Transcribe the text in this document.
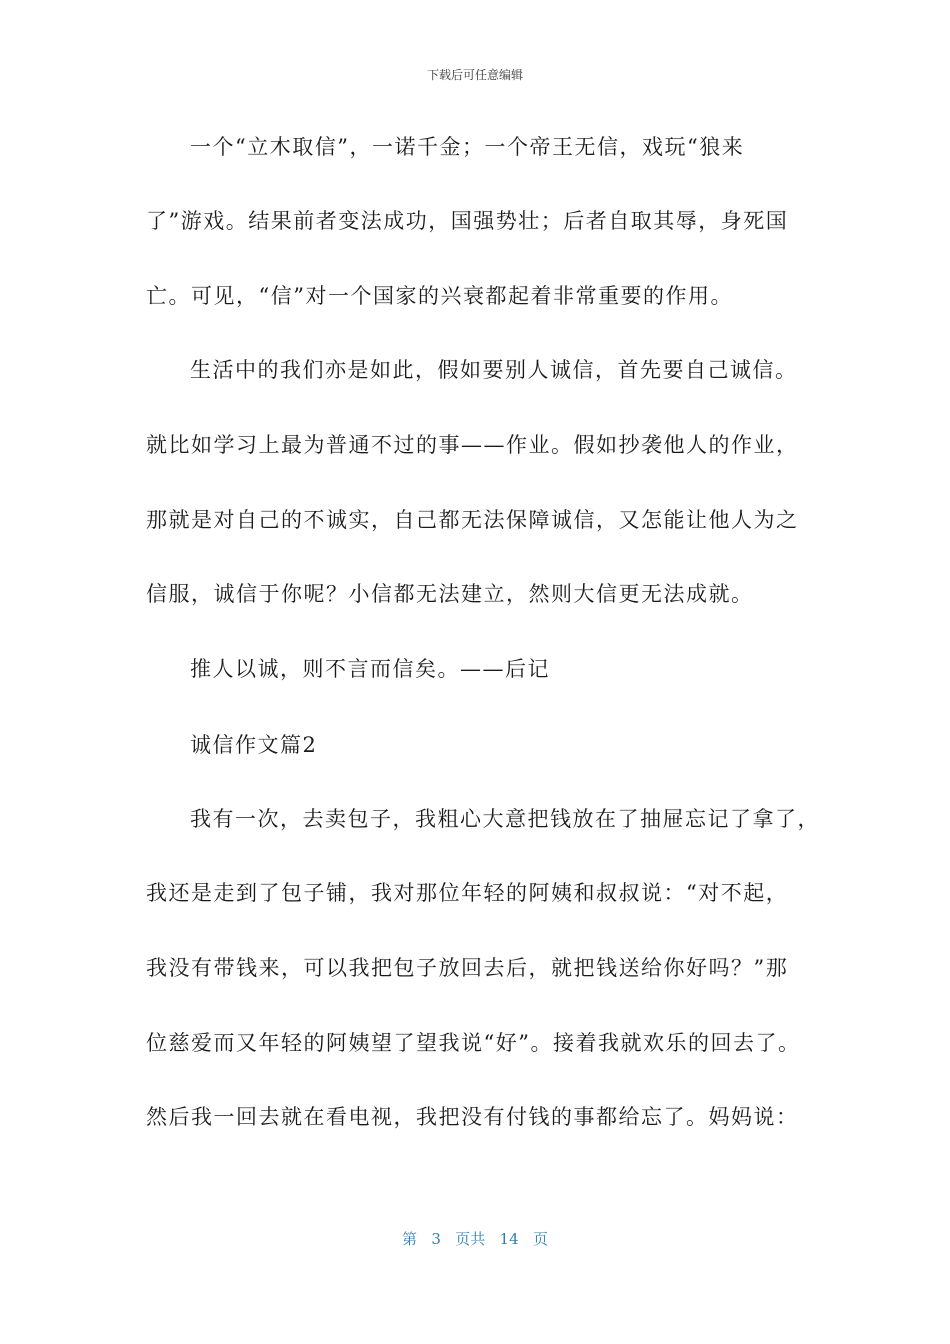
下载后可任意编辑
一个“立木取信”，一诺千金；一个帝王无信，戏玩“狼来
了”游戏。结果前者变法成功，国强势壮；后者自取其辱，身死国
亡。可见，“信”对一个国家的兴衰都起着非常重要的作用。
生活中的我们亦是如此，假如要别人诚信，首先要自己诚信。
就比如学习上最为普通不过的事——作业。假如抄袭他人的作业，
那就是对自己的不诚实，自己都无法保障诚信，又怎能让他人为之
信服，诚信于你呢？小信都无法建立，然则大信更无法成就。
推人以诚，则不言而信矣。——后记
诚信作文篇2
我有一次，去卖包子，我粗心大意把钱放在了抽屉忘记了拿了，
我还是走到了包子铺，我对那位年轻的阿姨和叔叔说：“对不起，
我没有带钱来，可以我把包子放回去后，就把钱送给你好吗？”那
位慈爱而又年轻的阿姨望了望我说“好”。接着我就欢乐的回去了。
然后我一回去就在看电视，我把没有付钱的事都给忘了。妈妈说：
第 3 页共 14 页
